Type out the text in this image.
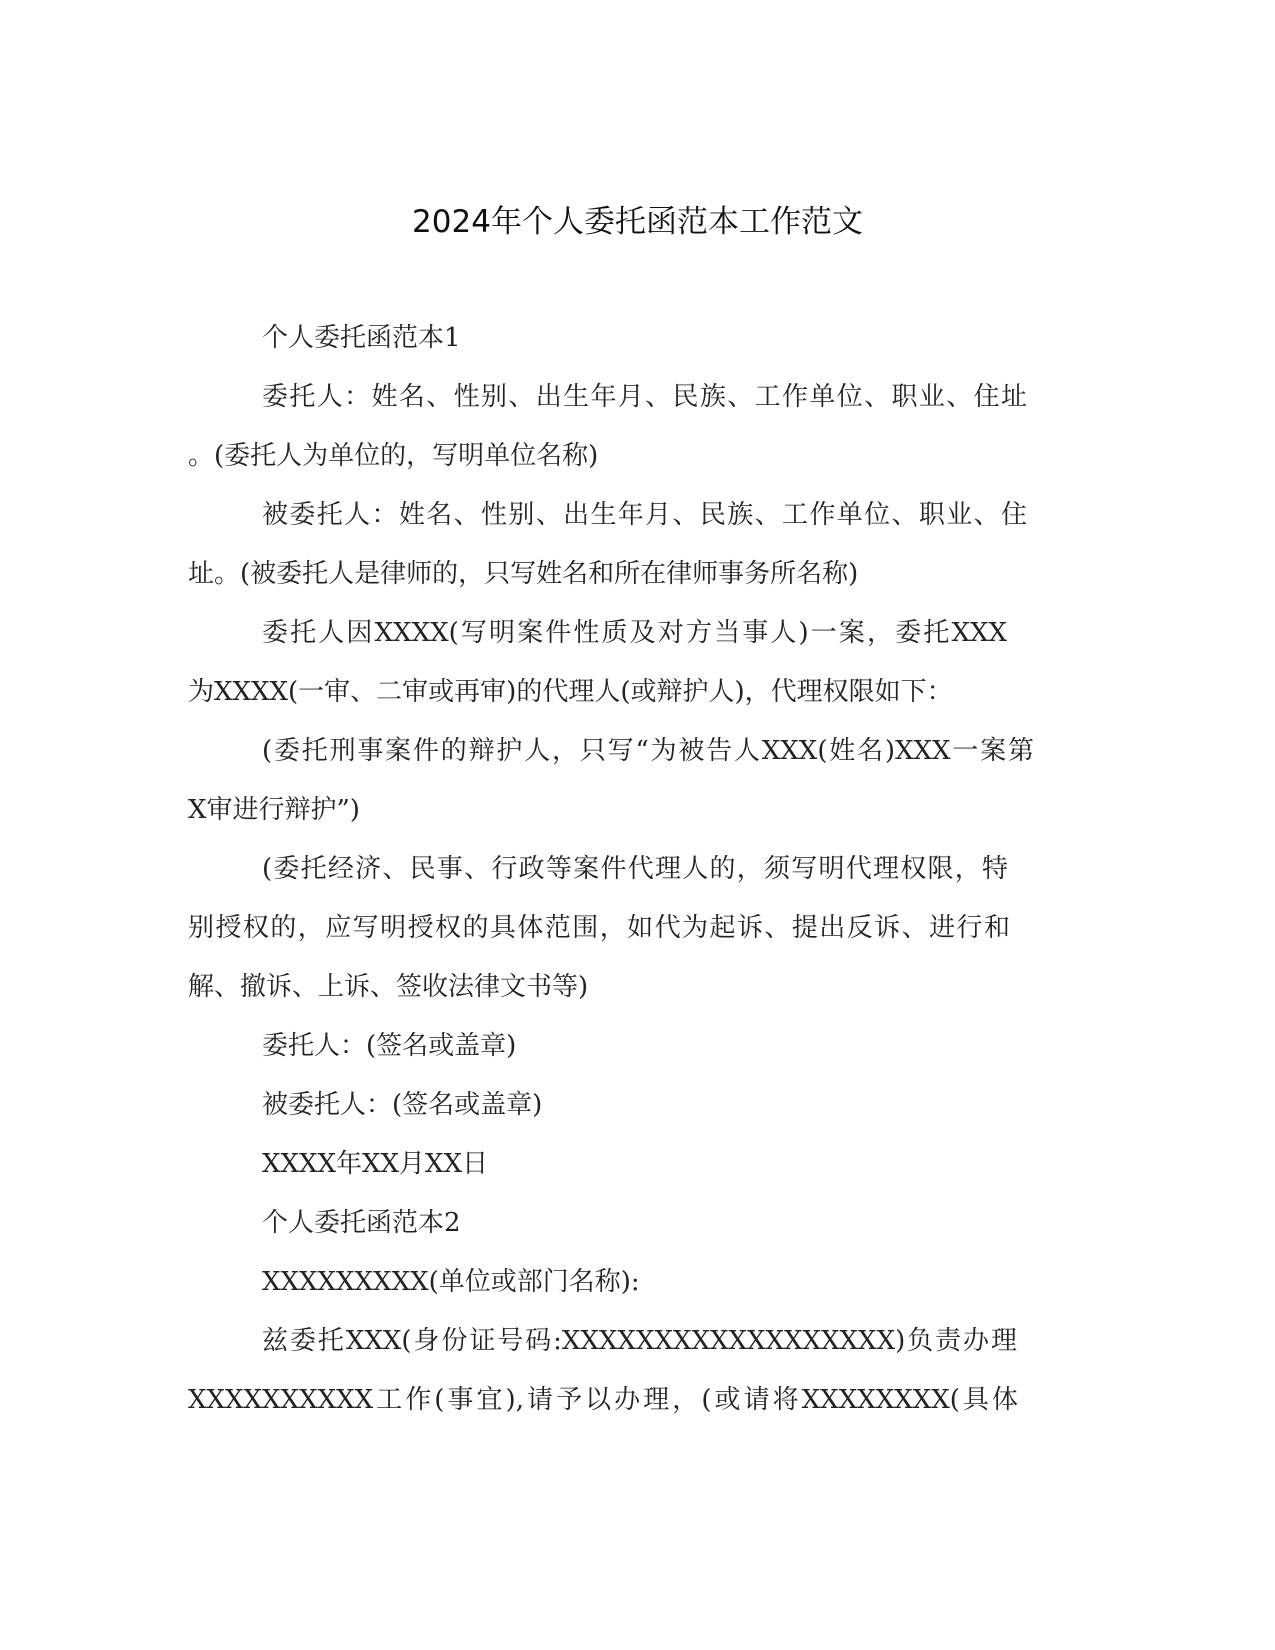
2024年个人委托函范本工作范文
个人委托函范本1
委托人：姓名、性别、出生年月、民族、工作单位、职业、住址
。(委托人为单位的，写明单位名称)
被委托人：姓名、性别、出生年月、民族、工作单位、职业、住
址。(被委托人是律师的，只写姓名和所在律师事务所名称)
委托人因XXXX(写明案件性质及对方当事人)一案，委托XXX
为XXXX(一审、二审或再审)的代理人(或辩护人)，代理权限如下：
(委托刑事案件的辩护人，只写“为被告人XXX(姓名)XXX一案第
X审进行辩护”)
(委托经济、民事、行政等案件代理人的，须写明代理权限，特
别授权的，应写明授权的具体范围，如代为起诉、提出反诉、进行和
解、撤诉、上诉、签收法律文书等)
委托人：(签名或盖章)
被委托人：(签名或盖章)
XXXX年XX月XX日
个人委托函范本2
XXXXXXXXX(单位或部门名称):
兹委托XXX(身份证号码:XXXXXXXXXXXXXXXXXX)负责办理
XXXXXXXXXX工作(事宜),请予以办理，(或请将XXXXXXXX(具体
